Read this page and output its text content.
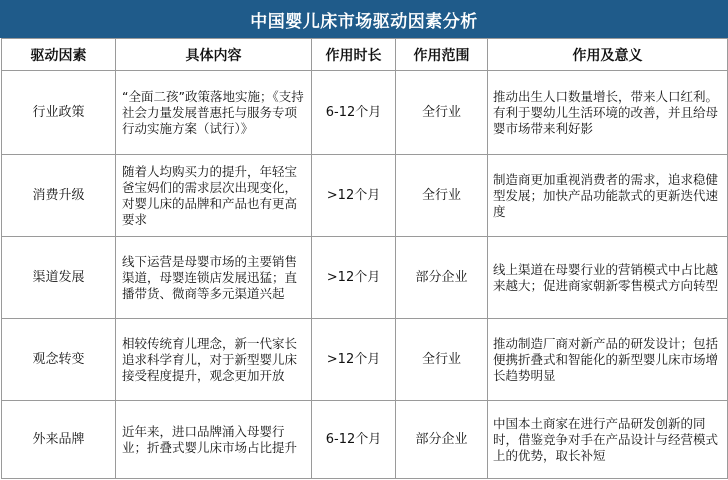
中国婴儿床市场驱动因素分析
驱动因素	具体内容	作用时长	作用范围	作用及意义
行业政策	“全面二孩”政策落地实施；《支持社会力量发展普惠托与服务专项行动实施方案（试行）》	6-12个月	全行业	推动出生人口数量增长，带来人口红利。有利于婴幼儿生活环境的改善，并且给母婴市场带来利好影
消费升级	随着人均购买力的提升，年轻宝爸宝妈们的需求层次出现变化，对婴儿床的品牌和产品也有更高要求	>12个月	全行业	制造商更加重视消费者的需求，追求稳健型发展；加快产品功能款式的更新迭代速度
渠道发展	线下运营是母婴市场的主要销售渠道，母婴连锁店发展迅猛；直播带货、微商等多元渠道兴起	>12个月	部分企业	线上渠道在母婴行业的营销模式中占比越来越大；促进商家朝新零售模式方向转型
观念转变	相较传统育儿理念，新一代家长追求科学育儿，对于新型婴儿床接受程度提升，观念更加开放	>12个月	全行业	推动制造厂商对新产品的研发设计；包括便携折叠式和智能化的新型婴儿床市场增长趋势明显
外来品牌	近年来，进口品牌涌入母婴行业；折叠式婴儿床市场占比提升	6-12个月	部分企业	中国本土商家在进行产品研发创新的同时，借鉴竞争对手在产品设计与经营模式上的优势，取长补短
